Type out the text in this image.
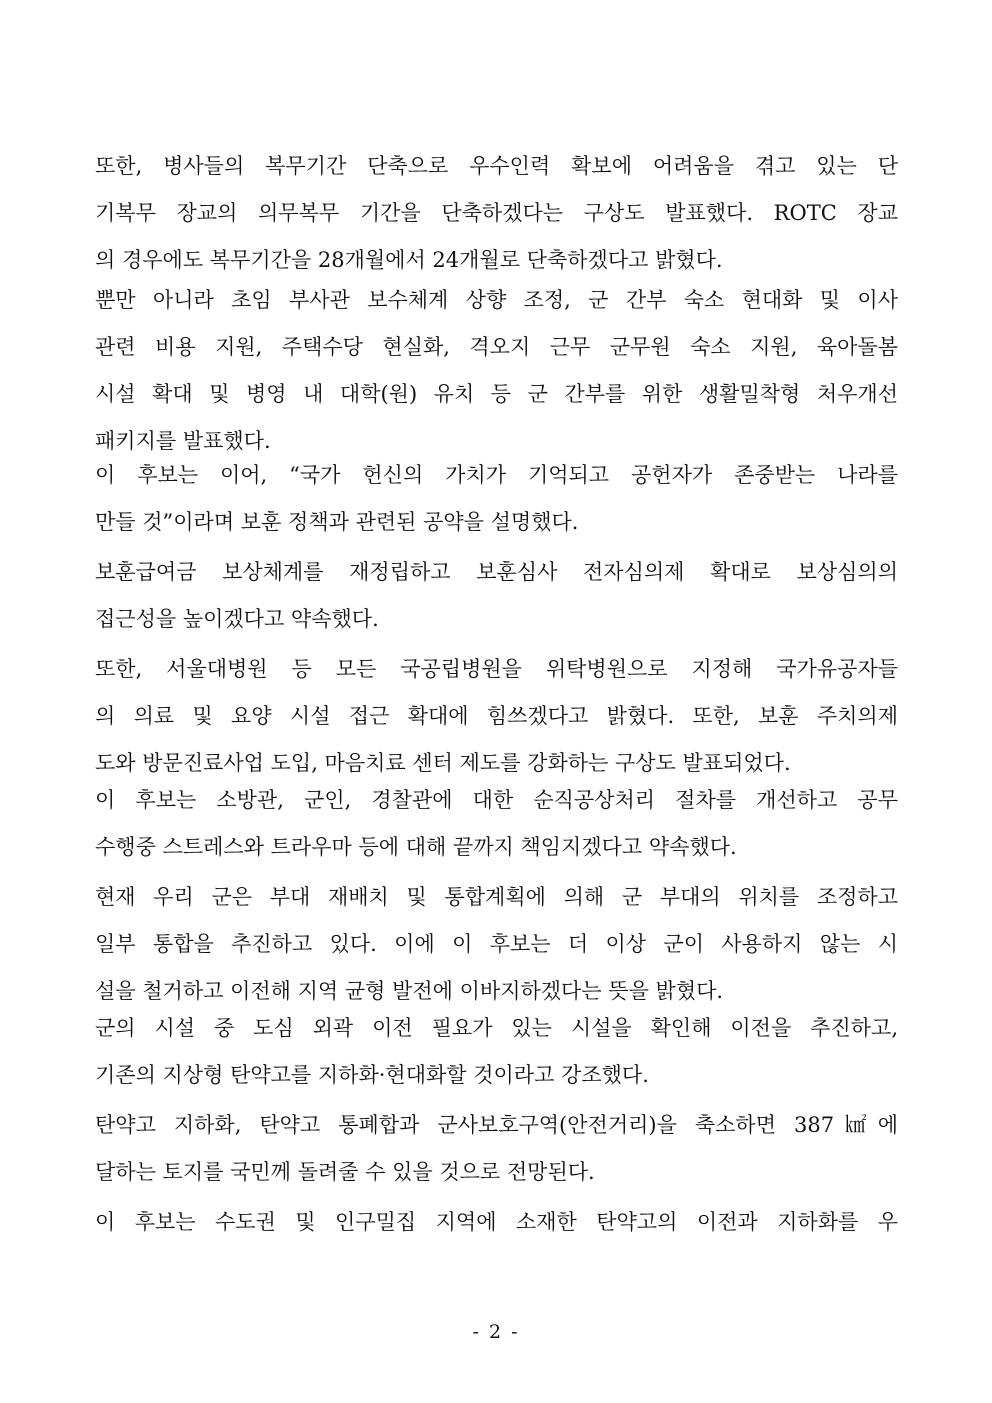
또한, 병사들의 복무기간 단축으로 우수인력 확보에 어려움을 겪고 있는 단
기복무 장교의 의무복무 기간을 단축하겠다는 구상도 발표했다. ROTC 장교
의 경우에도 복무기간을 28개월에서 24개월로 단축하겠다고 밝혔다.
뿐만 아니라 초임 부사관 보수체계 상향 조정, 군 간부 숙소 현대화 및 이사
관련 비용 지원, 주택수당 현실화, 격오지 근무 군무원 숙소 지원, 육아돌봄
시설 확대 및 병영 내 대학(원) 유치 등 군 간부를 위한 생활밀착형 처우개선
패키지를 발표했다.
이 후보는 이어, “국가 헌신의 가치가 기억되고 공헌자가 존중받는 나라를
만들 것”이라며 보훈 정책과 관련된 공약을 설명했다.
보훈급여금 보상체계를 재정립하고 보훈심사 전자심의제 확대로 보상심의의
접근성을 높이겠다고 약속했다.
또한, 서울대병원 등 모든 국공립병원을 위탁병원으로 지정해 국가유공자들
의 의료 및 요양 시설 접근 확대에 힘쓰겠다고 밝혔다. 또한, 보훈 주치의제
도와 방문진료사업 도입, 마음치료 센터 제도를 강화하는 구상도 발표되었다.
이 후보는 소방관, 군인, 경찰관에 대한 순직공상처리 절차를 개선하고 공무
수행중 스트레스와 트라우마 등에 대해 끝까지 책임지겠다고 약속했다.
현재 우리 군은 부대 재배치 및 통합계획에 의해 군 부대의 위치를 조정하고
일부 통합을 추진하고 있다. 이에 이 후보는 더 이상 군이 사용하지 않는 시
설을 철거하고 이전해 지역 균형 발전에 이바지하겠다는 뜻을 밝혔다.
군의 시설 중 도심 외곽 이전 필요가 있는 시설을 확인해 이전을 추진하고,
기존의 지상형 탄약고를 지하화·현대화할 것이라고 강조했다.
탄약고 지하화, 탄약고 통폐합과 군사보호구역(안전거리)을 축소하면 387㎢에
달하는 토지를 국민께 돌려줄 수 있을 것으로 전망된다.
이 후보는 수도권 및 인구밀집 지역에 소재한 탄약고의 이전과 지하화를 우
- 2 -
